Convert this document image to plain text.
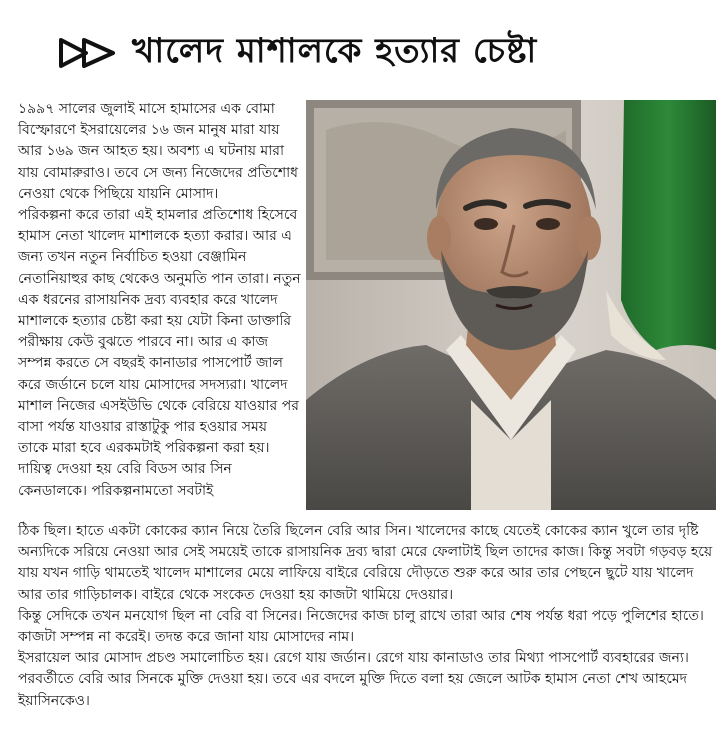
খালেদ মাশালকে হত্যার চেষ্টা

১৯৯৭ সালের জুলাই মাসে হামাসের এক বোমা বিস্ফোরণে ইসরায়েলের ১৬ জন মানুষ মারা যায় আর ১৬৯ জন আহত হয়। অবশ্য এ ঘটনায় মারা যায় বোমারুরাও। তবে সে জন্য নিজেদের প্রতিশোধ নেওয়া থেকে পিছিয়ে যায়নি মোসাদ।

পরিকল্পনা করে তারা এই হামলার প্রতিশোধ হিসেবে হামাস নেতা খালেদ মাশালকে হত্যা করার। আর এ জন্য তখন নতুন নির্বাচিত হওয়া বেঞ্জামিন নেতানিয়াহুর কাছ থেকেও অনুমতি পান তারা। নতুন এক ধরনের রাসায়নিক দ্রব্য ব্যবহার করে খালেদ মাশালকে হত্যার চেষ্টা করা হয় যেটা কিনা ডাক্তারি পরীক্ষায় কেউ বুঝতে পারবে না। আর এ কাজ সম্পন্ন করতে সে বছরই কানাডার পাসপোর্ট জাল করে জর্ডানে চলে যায় মোসাদের সদস্যরা। খালেদ মাশাল নিজের এসইউভি থেকে বেরিয়ে যাওয়ার পর বাসা পর্যন্ত যাওয়ার রাস্তাটুকু পার হওয়ার সময় তাকে মারা হবে এরকমটাই পরিকল্পনা করা হয়। দায়িত্ব দেওয়া হয় বেরি বিডস আর সিন কেনডালকে। পরিকল্পনামতো সবটাই

ঠিক ছিল। হাতে একটা কোকের ক্যান নিয়ে তৈরি ছিলেন বেরি আর সিন। খালেদের কাছে যেতেই কোকের ক্যান খুলে তার দৃষ্টি অন্যদিকে সরিয়ে নেওয়া আর সেই সময়েই তাকে রাসায়নিক দ্রব্য দ্বারা মেরে ফেলাটাই ছিল তাদের কাজ। কিন্তু সবটা গড়বড় হয়ে যায় যখন গাড়ি থামতেই খালেদ মাশালের মেয়ে লাফিয়ে বাইরে বেরিয়ে দৌড়তে শুরু করে আর তার পেছনে ছুটে যায় খালেদ আর তার গাড়িচালক। বাইরে থেকে সংকেত দেওয়া হয় কাজটা থামিয়ে দেওয়ার।

কিন্তু সেদিকে তখন মনযোগ ছিল না বেরি বা সিনের। নিজেদের কাজ চালু রাখে তারা আর শেষ পর্যন্ত ধরা পড়ে পুলিশের হাতে। কাজটা সম্পন্ন না করেই। তদন্ত করে জানা যায় মোসাদের নাম।

ইসরায়েল আর মোসাদ প্রচণ্ড সমালোচিত হয়। রেগে যায় জর্ডান। রেগে যায় কানাডাও তার মিথ্যা পাসপোর্ট ব্যবহারের জন্য। পরবর্তীতে বেরি আর সিনকে মুক্তি দেওয়া হয়। তবে এর বদলে মুক্তি দিতে বলা হয় জেলে আটক হামাস নেতা শেখ আহমেদ ইয়াসিনকেও।
